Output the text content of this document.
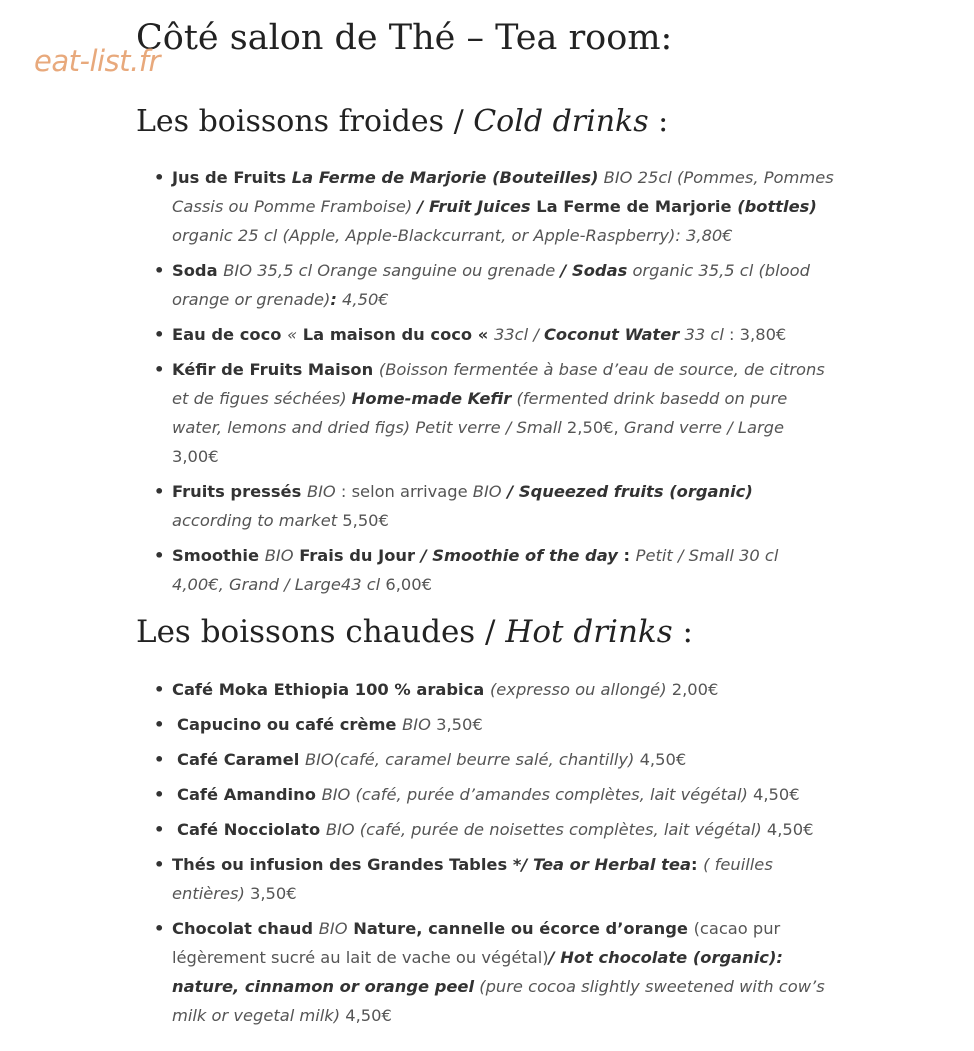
eat-list.fr
Côté salon de Thé – Tea room:
Les boissons froides / Cold drinks :
• Jus de Fruits La Ferme de Marjorie (Bouteilles) BIO 25cl (Pommes, Pommes Cassis ou Pomme Framboise) / Fruit Juices La Ferme de Marjorie (bottles) organic 25 cl (Apple, Apple-Blackcurrant, or Apple-Raspberry): 3,80€
• Soda BIO 35,5 cl Orange sanguine ou grenade / Sodas organic 35,5 cl (blood orange or grenade): 4,50€
• Eau de coco « La maison du coco « 33cl / Coconut Water 33 cl : 3,80€
• Kéfir de Fruits Maison (Boisson fermentée à base d’eau de source, de citrons et de figues séchées) Home-made Kefir (fermented drink basedd on pure water, lemons and dried figs) Petit verre / Small 2,50€, Grand verre / Large 3,00€
• Fruits pressés BIO : selon arrivage BIO / Squeezed fruits (organic) according to market 5,50€
• Smoothie BIO Frais du Jour / Smoothie of the day : Petit / Small 30 cl 4,00€, Grand / Large43 cl 6,00€
Les boissons chaudes / Hot drinks :
• Café Moka Ethiopia 100 % arabica (expresso ou allongé) 2,00€
• Capucino ou café crème BIO 3,50€
• Café Caramel BIO(café, caramel beurre salé, chantilly) 4,50€
• Café Amandino BIO (café, purée d’amandes complètes, lait végétal) 4,50€
• Café Nocciolato BIO (café, purée de noisettes complètes, lait végétal) 4,50€
• Thés ou infusion des Grandes Tables */ Tea or Herbal tea: ( feuilles entières) 3,50€
• Chocolat chaud BIO Nature, cannelle ou écorce d’orange (cacao pur légèrement sucré au lait de vache ou végétal)/ Hot chocolate (organic): nature, cinnamon or orange peel (pure cocoa slightly sweetened with cow’s milk or vegetal milk) 4,50€
